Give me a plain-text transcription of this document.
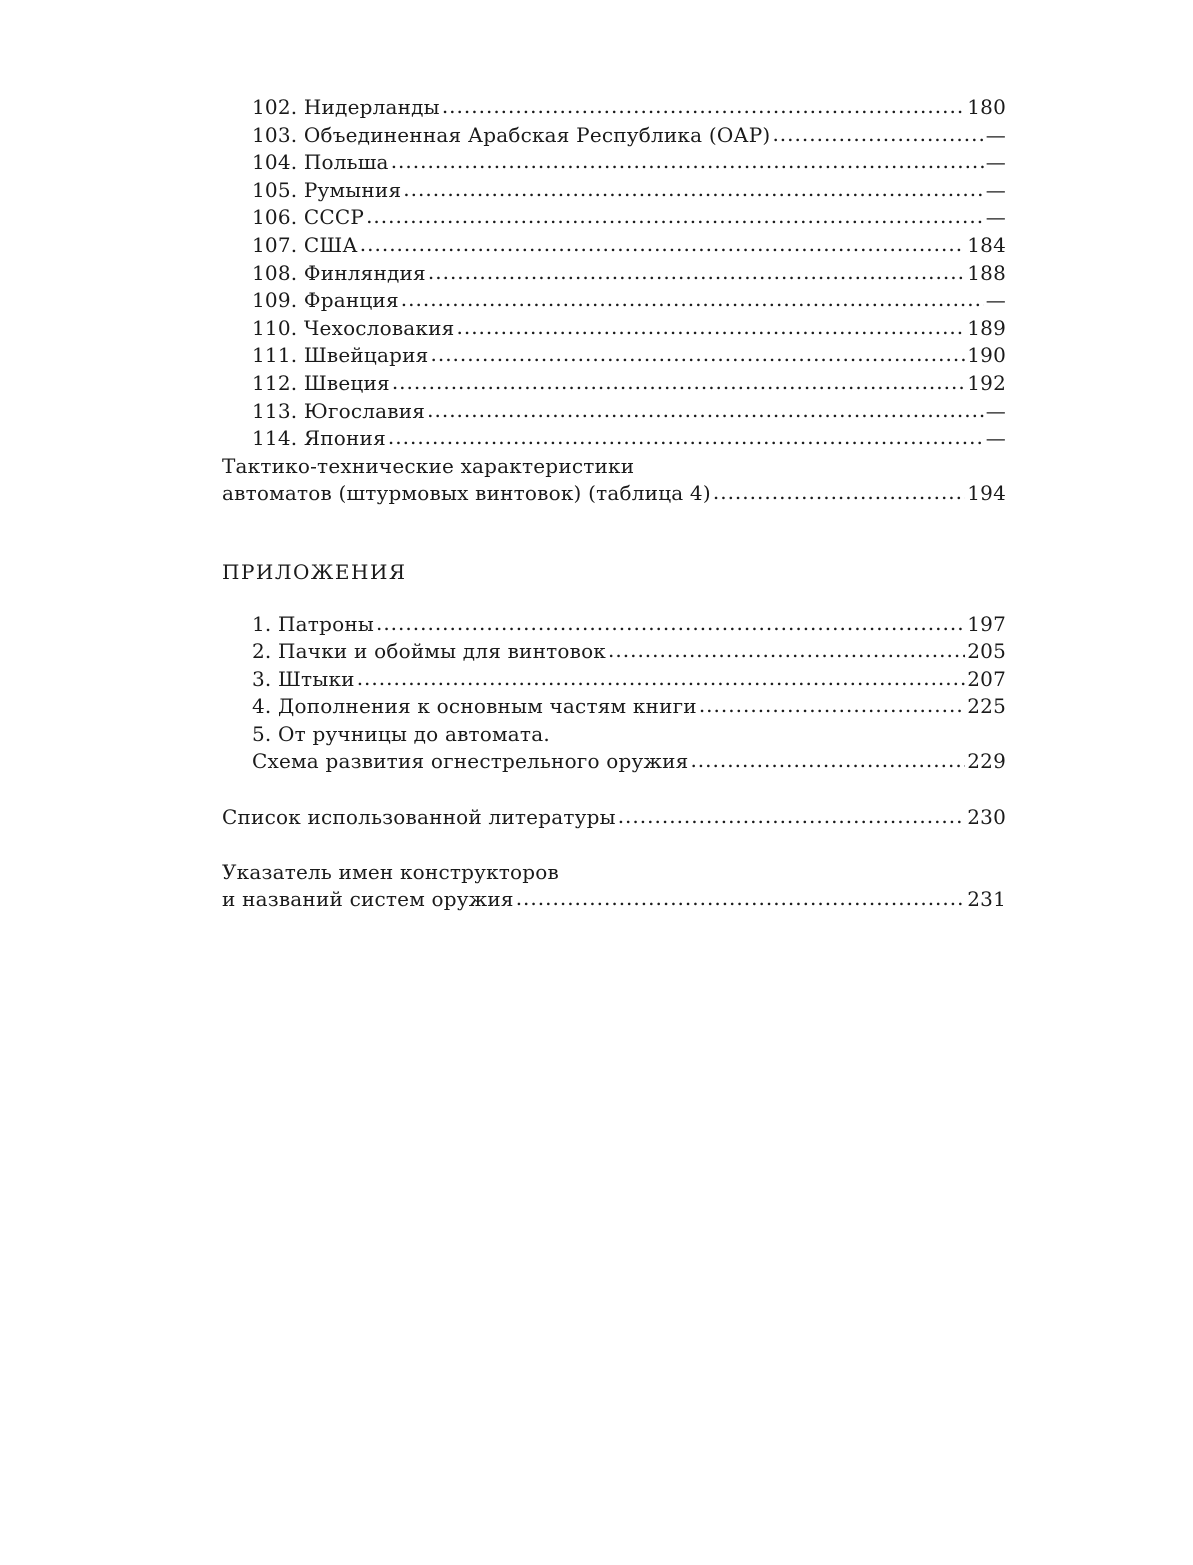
102. Нидерланды .....	180
103. Объединенная Арабская Республика (ОАР) .....	—
104. Польша .....	—
105. Румыния .....	—
106. СССР .....	—
107. США .....	184
108. Финляндия .....	188
109. Франция .....	—
110. Чехословакия .....	189
111. Швейцария .....	190
112. Швеция .....	192
113. Югославия .....	—
114. Япония .....	—
Тактико-технические характеристики
автоматов (штурмовых винтовок) (таблица 4) .....	194
ПРИЛОЖЕНИЯ
1. Патроны .....	197
2. Пачки и обоймы для винтовок .....	205
3. Штыки .....	207
4. Дополнения к основным частям книги .....	225
5. От ручницы до автомата.
Схема развития огнестрельного оружия .....	229
Список использованной литературы .....	230
Указатель имен конструкторов
и названий систем оружия .....	231
